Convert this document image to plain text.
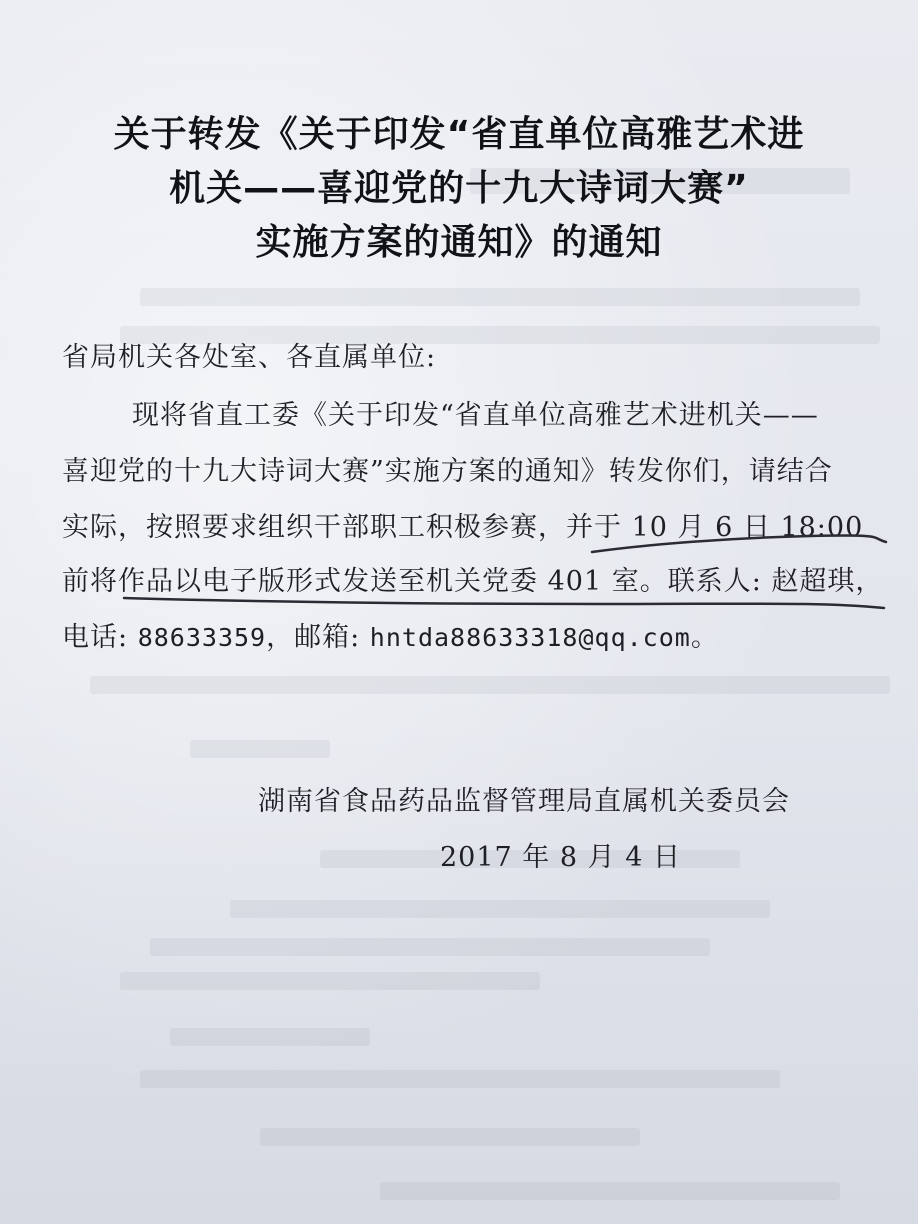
关于转发《关于印发“省直单位高雅艺术进
机关——喜迎党的十九大诗词大赛”
实施方案的通知》的通知
省局机关各处室、各直属单位:
现将省直工委《关于印发“省直单位高雅艺术进机关——
喜迎党的十九大诗词大赛”实施方案的通知》转发你们，请结合
实际，按照要求组织干部职工积极参赛，并于 10 月 6 日 18:00
前将作品以电子版形式发送至机关党委 401 室。联系人: 赵超琪，
电话: 88633359，邮箱: hntda88633318@qq.com。
湖南省食品药品监督管理局直属机关委员会
2017 年 8 月 4 日
